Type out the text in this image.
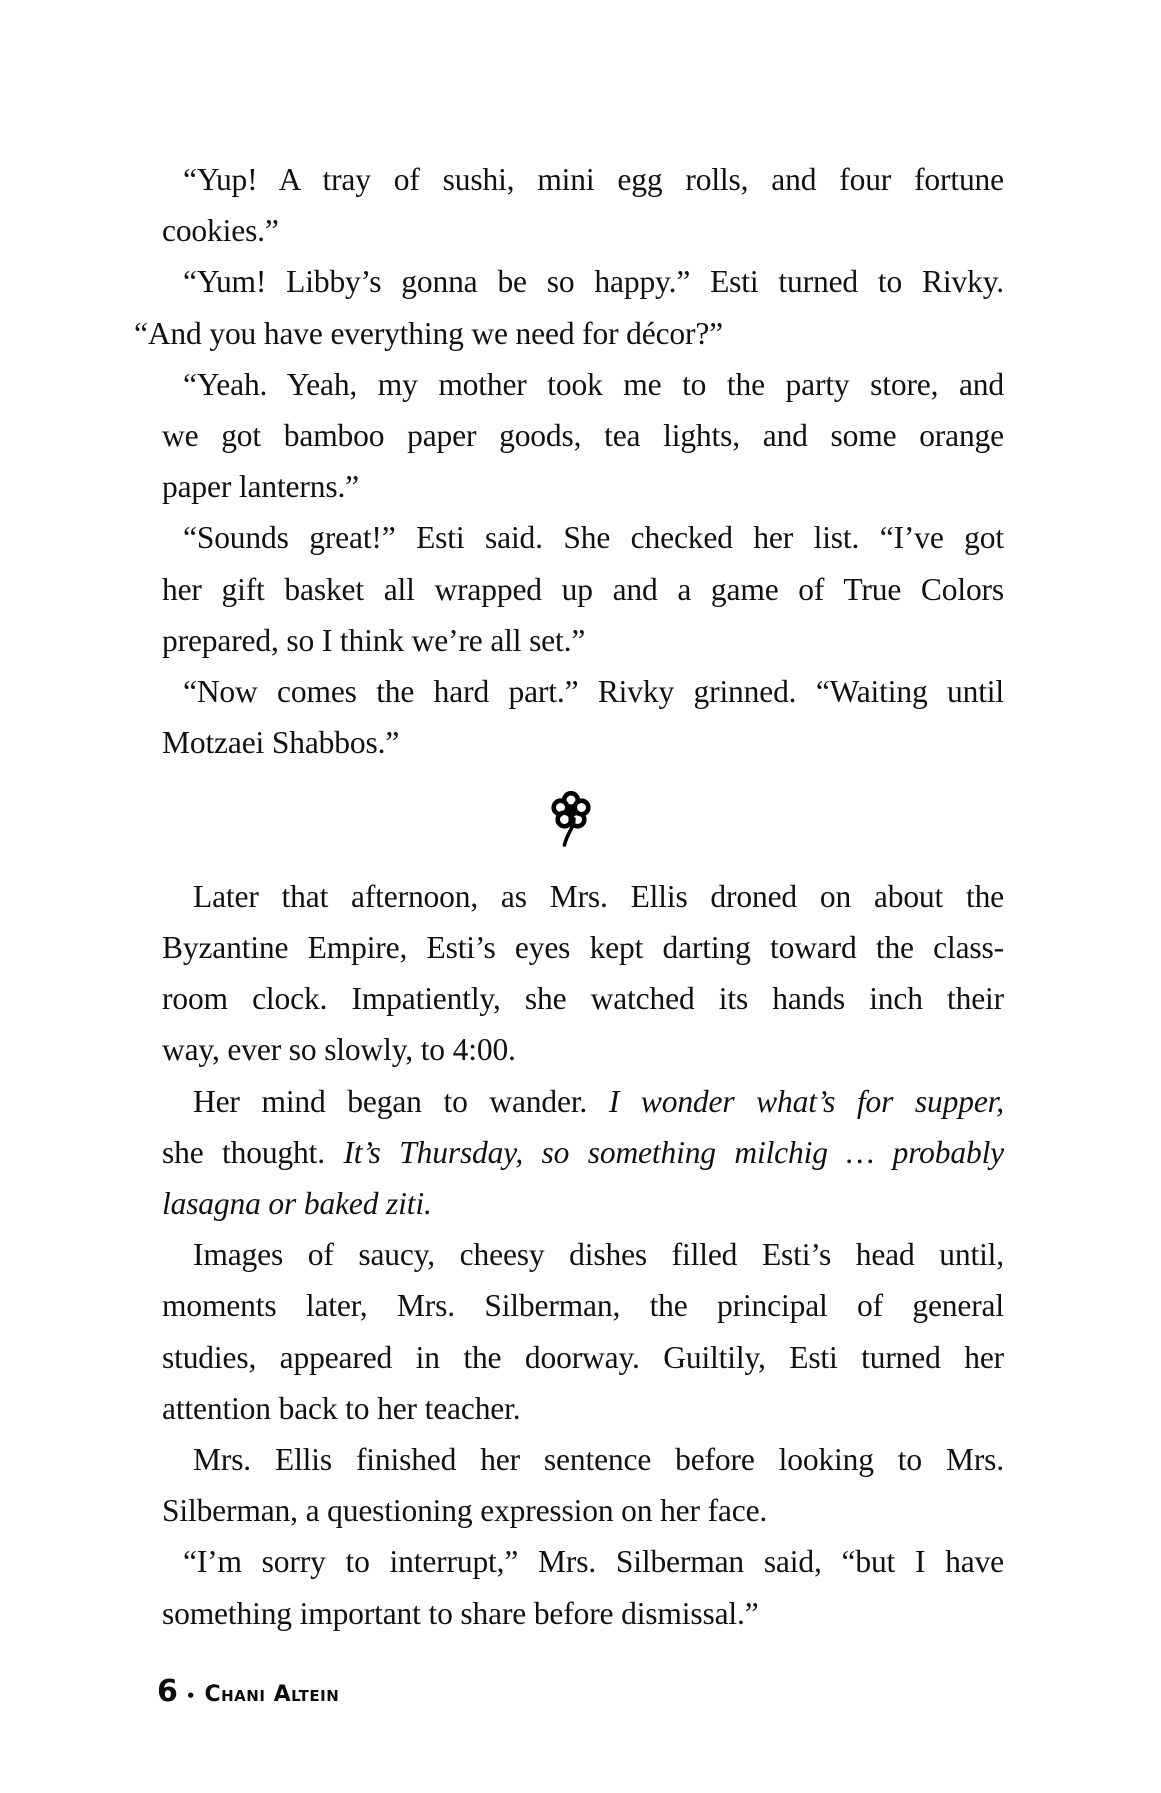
“Yup! A tray of sushi, mini egg rolls, and four fortune
cookies.”
“Yum! Libby’s gonna be so happy.” Esti turned to Rivky.
“And you have everything we need for décor?”
“Yeah. Yeah, my mother took me to the party store, and
we got bamboo paper goods, tea lights, and some orange
paper lanterns.”
“Sounds great!” Esti said. She checked her list. “I’ve got
her gift basket all wrapped up and a game of True Colors
prepared, so I think we’re all set.”
“Now comes the hard part.” Rivky grinned. “Waiting until
Motzaei Shabbos.”
Later that afternoon, as Mrs. Ellis droned on about the
Byzantine Empire, Esti’s eyes kept darting toward the class-
room clock. Impatiently, she watched its hands inch their
way, ever so slowly, to 4:00.
Her mind began to wander. I wonder what’s for supper,
she thought. It’s Thursday, so something milchig … probably
lasagna or baked ziti.
Images of saucy, cheesy dishes filled Esti’s head until,
moments later, Mrs. Silberman, the principal of general
studies, appeared in the doorway. Guiltily, Esti turned her
attention back to her teacher.
Mrs. Ellis finished her sentence before looking to Mrs.
Silberman, a questioning expression on her face.
“I’m sorry to interrupt,” Mrs. Silberman said, “but I have
something important to share before dismissal.”
6 • Chani Altein
